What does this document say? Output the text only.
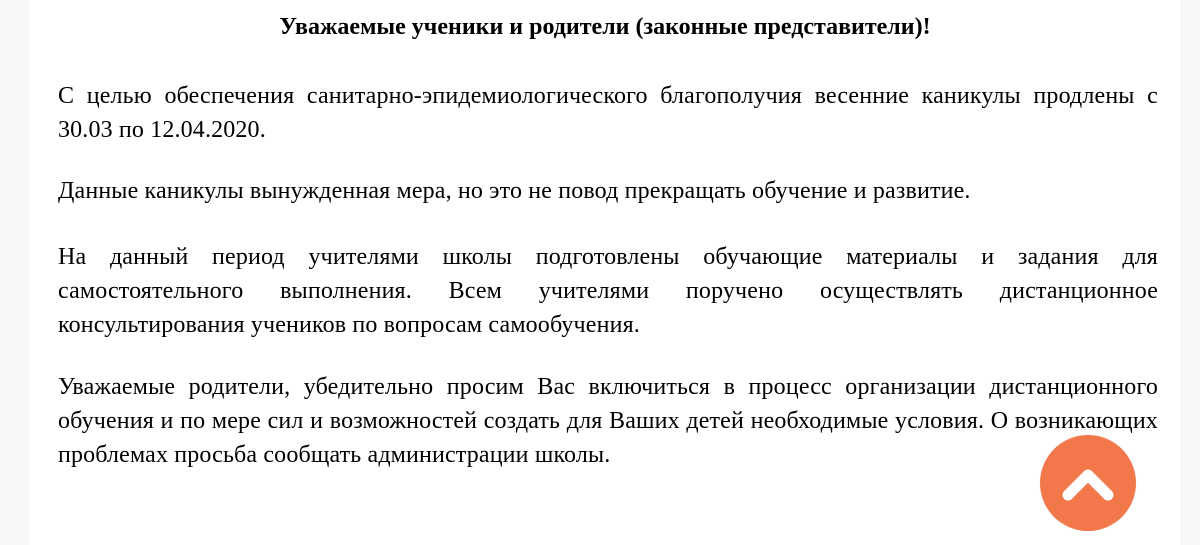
Уважаемые ученики и родители (законные представители)!

С целью обеспечения санитарно-эпидемиологического благополучия весенние каникулы продлены с 30.03 по 12.04.2020.

Данные каникулы вынужденная мера, но это не повод прекращать обучение и развитие.

На данный период учителями школы подготовлены обучающие материалы и задания для самостоятельного выполнения. Всем учителями поручено осуществлять дистанционное консультирования учеников по вопросам самообучения.

Уважаемые родители, убедительно просим Вас включиться в процесс организации дистанционного обучения и по мере сил и возможностей создать для Ваших детей необходимые условия. О возникающих проблемах просьба сообщать администрации школы.
